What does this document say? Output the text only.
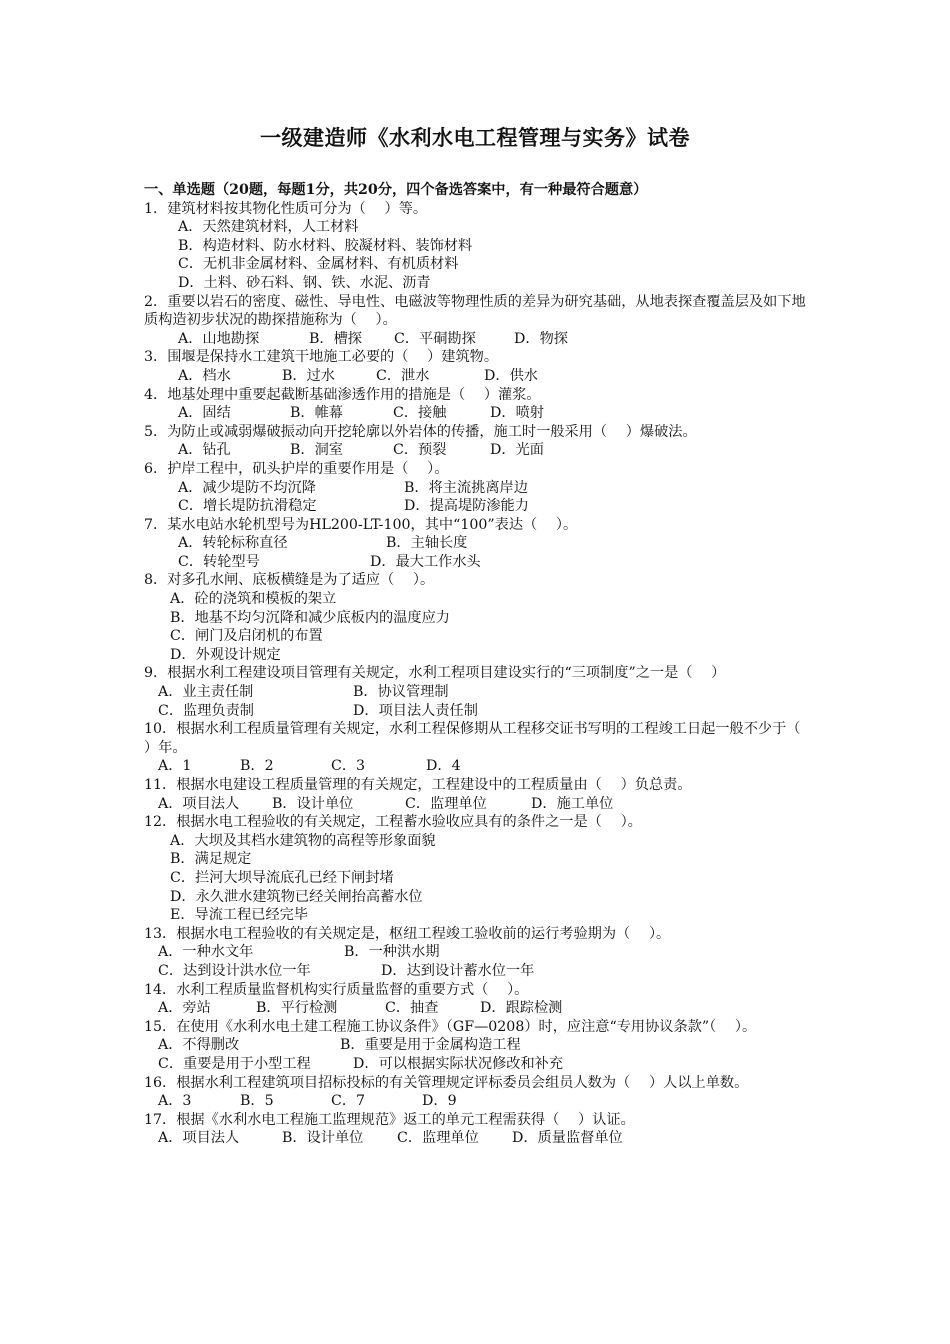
一级建造师《水利水电工程管理与实务》试卷
一、单选题（20题，每题1分，共20分，四个备选答案中，有一种最符合题意）
1．建筑材料按其物化性质可分为（　 ）等。
A．天然建筑材料，人工材料
B．构造材料、防水材料、胶凝材料、装饰材料
C．无机非金属材料、金属材料、有机质材料
D．土料、砂石料、钢、铁、水泥、沥青
2．重要以岩石的密度、磁性、导电性、电磁波等物理性质的差异为研究基础，从地表探查覆盖层及如下地质构造初步状况的勘探措施称为（　 ）。

A．山地勘探

	B．槽探

C．平硐勘探

	D．物探

3．围堰是保持水工建筑干地施工必要的（　 ）建筑物。

A．档水

	B．过水

	C．泄水

	D．供水

4．地基处理中重要起截断基础渗透作用的措施是（　 ）灌浆。

A．固结

	B．帷幕

	C．接触

	D．喷射

5．为防止或减弱爆破振动向开挖轮廓以外岩体的传播，施工时一般采用（　 ）爆破法。

A．钻孔

	B．洞室

	C．预裂

	D．光面

6．护岸工程中，矶头护岸的重要作用是（　 ）。

A．减少堤防不均沉降

	B．将主流挑离岸边

C．增长堤防抗滑稳定

	D．提高堤防渗能力

7．某水电站水轮机型号为HL200-LT-100，其中“100”表达（　 ）。

A．转轮标称直径

	B．主轴长度

C．转轮型号

	D．最大工作水头

8．对多孔水闸、底板横缝是为了适应（　 ）。
A．砼的浇筑和模板的架立
B．地基不均匀沉降和减少底板内的温度应力
C．闸门及启闭机的布置
D．外观设计规定
9．根据水利工程建设项目管理有关规定，水利工程项目建设实行的“三项制度”之一是（　 ）

A．业主责任制

	B．协议管理制

C．监理负责制

	D．项目法人责任制

10．根据水利工程质量管理有关规定，水利工程保修期从工程移交证书写明的工程竣工日起一般不少于（　 ）年。

A．1

	B．2

	C．3

	D．4

11．根据水电建设工程质量管理的有关规定，工程建设中的工程质量由（　 ）负总责。

A．项目法人

B．设计单位

	C．监理单位

	D．施工单位

12．根据水电工程验收的有关规定，工程蓄水验收应具有的条件之一是（　 ）。
A．大坝及其档水建筑物的高程等形象面貌
B．满足规定
C．拦河大坝导流底孔已经下闸封堵
D．永久泄水建筑物已经关闸抬高蓄水位
E．导流工程已经完毕
13．根据水电工程验收的有关规定是，枢纽工程竣工验收前的运行考验期为（　 ）。

A．一种水文年

	B．一种洪水期

C．达到设计洪水位一年

	D．达到设计蓄水位一年

14．水利工程质量监督机构实行质量监督的重要方式（　 ）。

A．旁站

	B．平行检测

	C．抽查

	D．跟踪检测

15．在使用《水利水电土建工程施工协议条件》（GF—0208）时，应注意“专用协议条款”（　 ）。

A．不得删改

	B．重要是用于金属构造工程

C．重要是用于小型工程

	D．可以根据实际状况修改和补充

16．根据水利工程建筑项目招标投标的有关管理规定评标委员会组员人数为（　 ）人以上单数。

A．3

	B．5

	C．7

	D．9

17．根据《水利水电工程施工监理规范》返工的单元工程需获得（　 ）认证。

A．项目法人

	B．设计单位

C．监理单位

D．质量监督单位
